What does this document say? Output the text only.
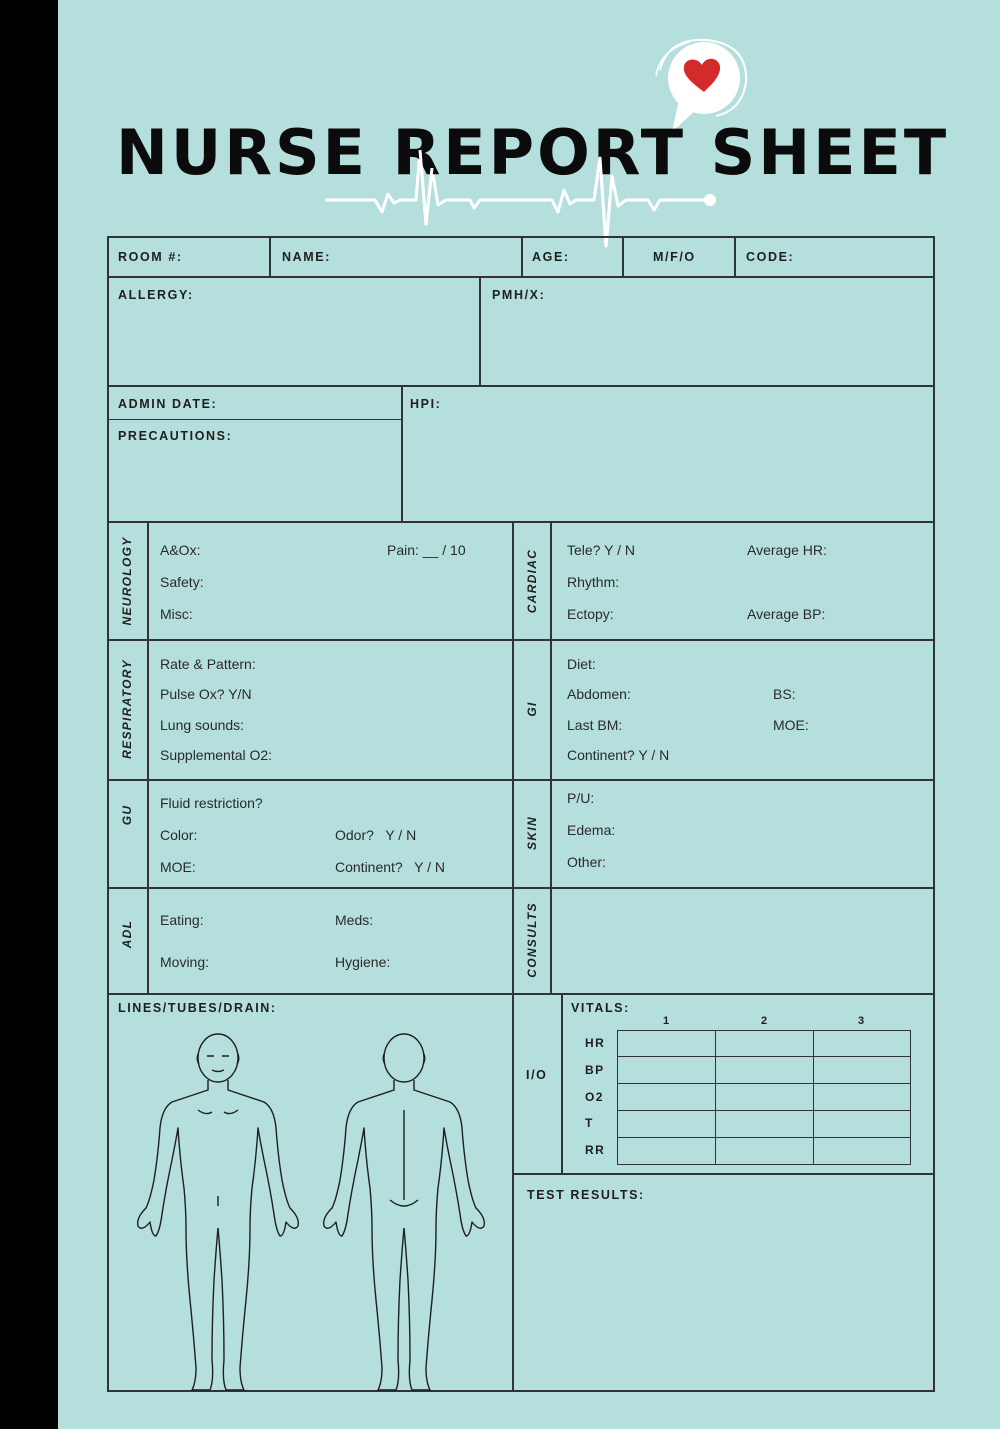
NURSE REPORT SHEET
ROOM #:	NAME:	AGE:	M/F/O	CODE:
ALLERGY:	PMH/X:
ADMIN DATE:	HPI:
PRECAUTIONS:
NEUROLOGY A&Ox:	Pain: __ / 10
Safety:
Misc:
CARDIAC Tele? Y / N	Average HR:
Rhythm:
Ectopy:	Average BP:
RESPIRATORY Rate & Pattern:
Pulse Ox? Y/N
Lung sounds:
Supplemental O2:
GI
Diet:
Abdomen:	BS:
Last BM:	MOE:
Continent? Y / N
GU
Fluid restriction?
Color:	Odor?   Y / N
MOE:	Continent?   Y / N
SKIN
P/U:
Edema:
Other:
ADL Eating:	Meds:
Moving:	Hygiene:	CONSULTS
LINES/TUBES/DRAIN:
I/O
VITALS:
1	2	3
HR
BP
O2
T
RR
TEST RESULTS:
